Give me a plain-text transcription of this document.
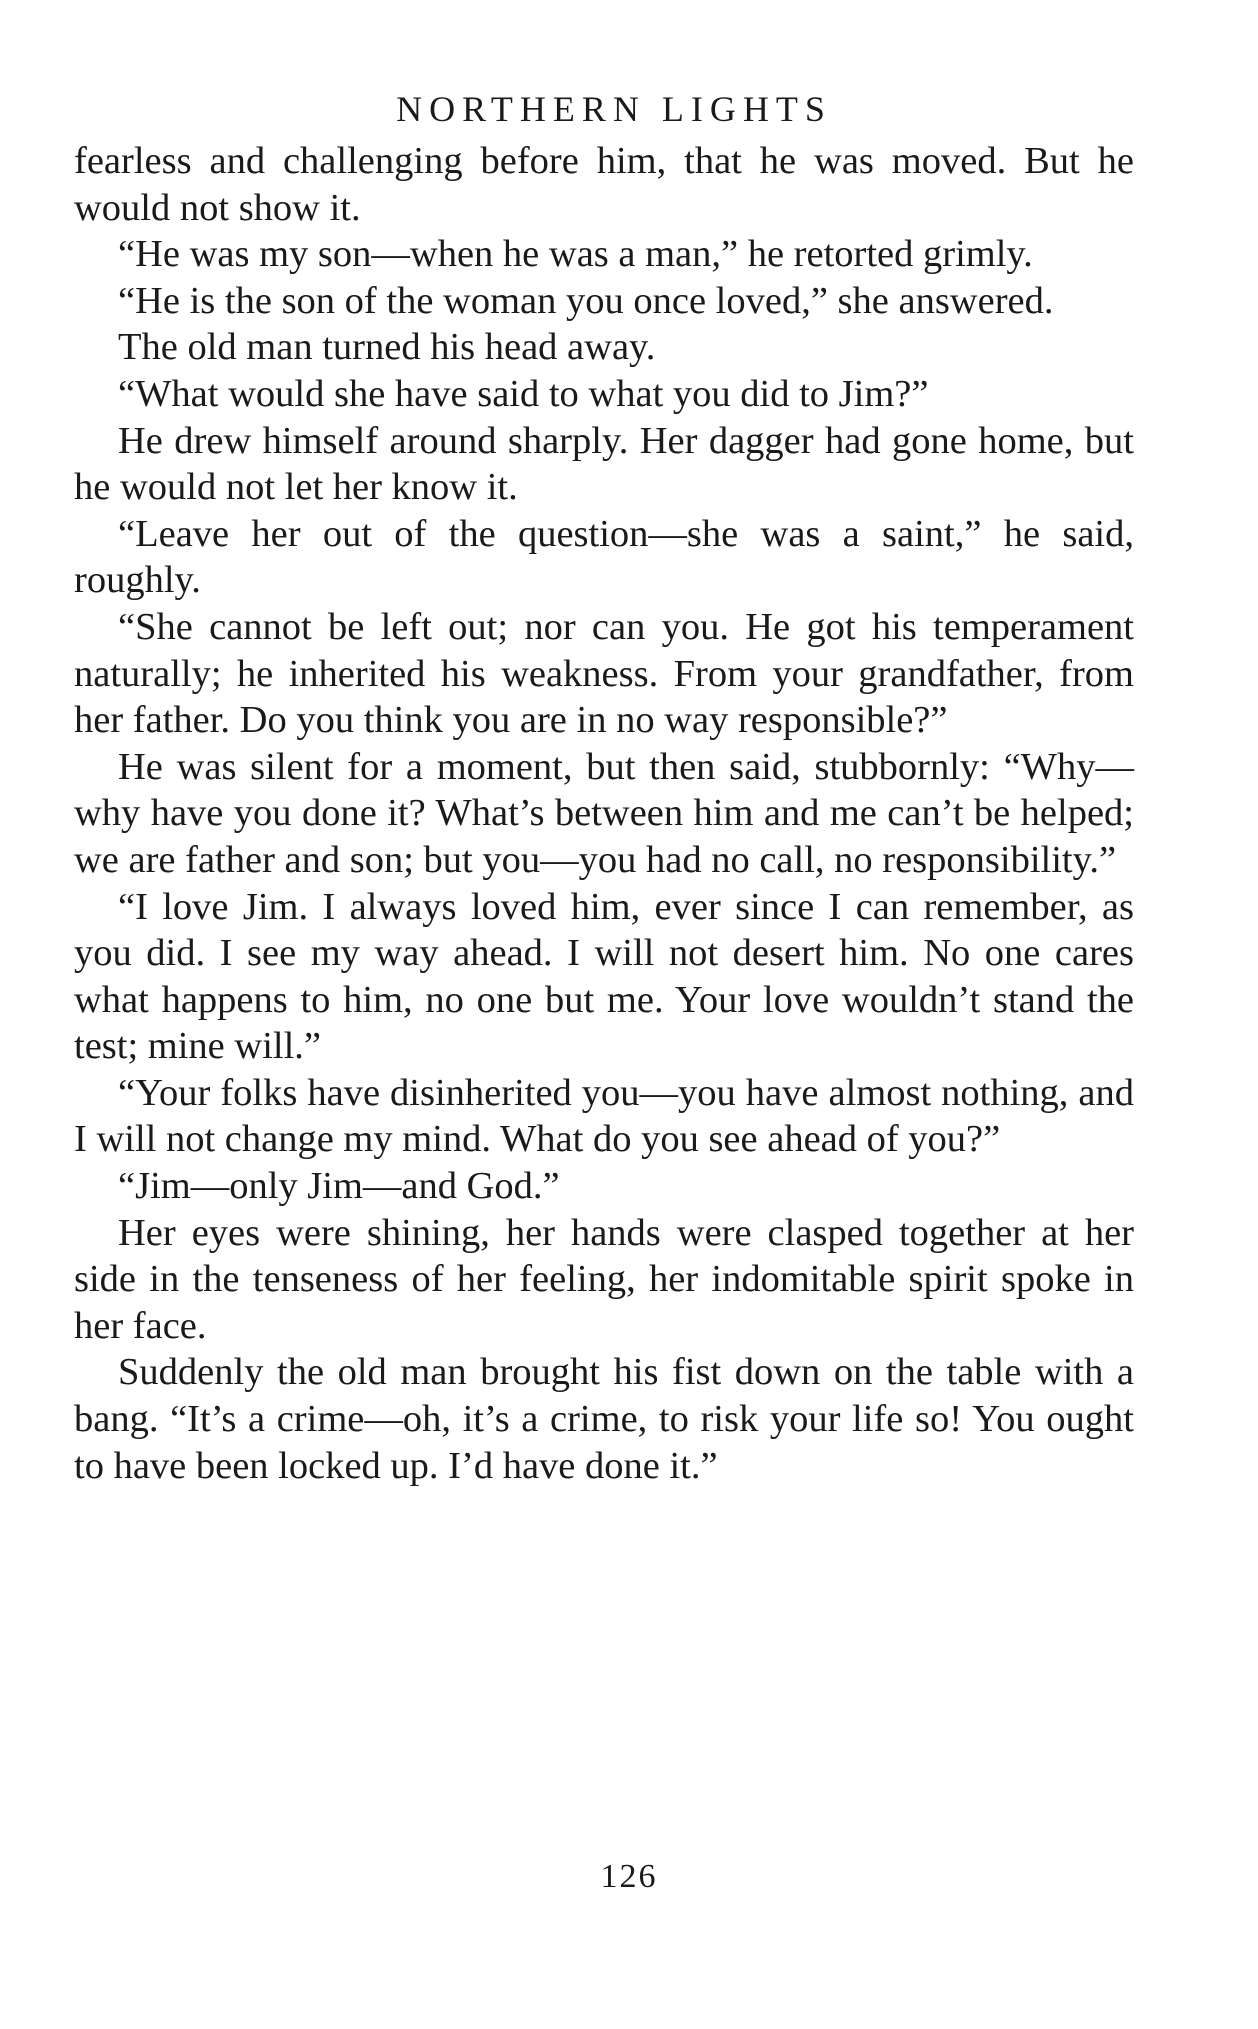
NORTHERN LIGHTS

fearless and challenging before him, that he was moved. But he would not show it.

“He was my son—when he was a man,” he retorted grimly.

“He is the son of the woman you once loved,” she answered.

The old man turned his head away.

“What would she have said to what you did to Jim?”

He drew himself around sharply. Her dagger had gone home, but he would not let her know it.

“Leave her out of the question—she was a saint,” he said, roughly.

“She cannot be left out; nor can you. He got his temperament naturally; he inherited his weakness. From your grandfather, from her father. Do you think you are in no way responsible?”

He was silent for a moment, but then said, stubbornly: “Why—why have you done it? What’s between him and me can’t be helped; we are father and son; but you—you had no call, no responsibility.”

“I love Jim. I always loved him, ever since I can remember, as you did. I see my way ahead. I will not desert him. No one cares what happens to him, no one but me. Your love wouldn’t stand the test; mine will.”

“Your folks have disinherited you—you have almost nothing, and I will not change my mind. What do you see ahead of you?”

“Jim—only Jim—and God.”

Her eyes were shining, her hands were clasped together at her side in the tenseness of her feeling, her indomitable spirit spoke in her face.

Suddenly the old man brought his fist down on the table with a bang. “It’s a crime—oh, it’s a crime, to risk your life so! You ought to have been locked up. I’d have done it.”

126
